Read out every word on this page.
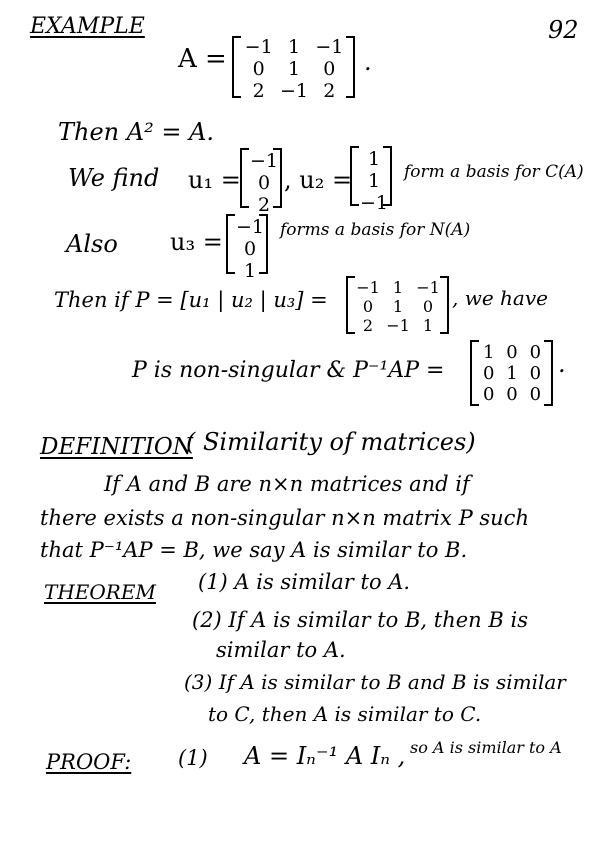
92
EXAMPLE
A = −1 1 −1
0	1	0
2 −1 2
.
Then A² = A.
We find u₁ =
−1
0
2
, u₂ =
1
1
−1
form a basis for C(A)
Also u₃ =
−1
0
1
forms a basis for N(A)
Then if P = [u₁ | u₂ | u₃] =
−1 1 −1
0	1	0
2 −1 1
, we have
P is non-singular & P⁻¹AP =
1 0 0
0 1 0
0 0 0
.
DEFINITION
( Similarity of matrices)
If A and B are n×n matrices and if
there exists a non-singular n×n matrix P such
that P⁻¹AP = B, we say A is similar to B.
THEOREM (1) A is similar to A.
(2) If A is similar to B, then B is
similar to A.
(3) If A is similar to B and B is similar
to C, then A is similar to C.
PROOF: (1) A = Iₙ⁻¹ A Iₙ , so A is similar to A
